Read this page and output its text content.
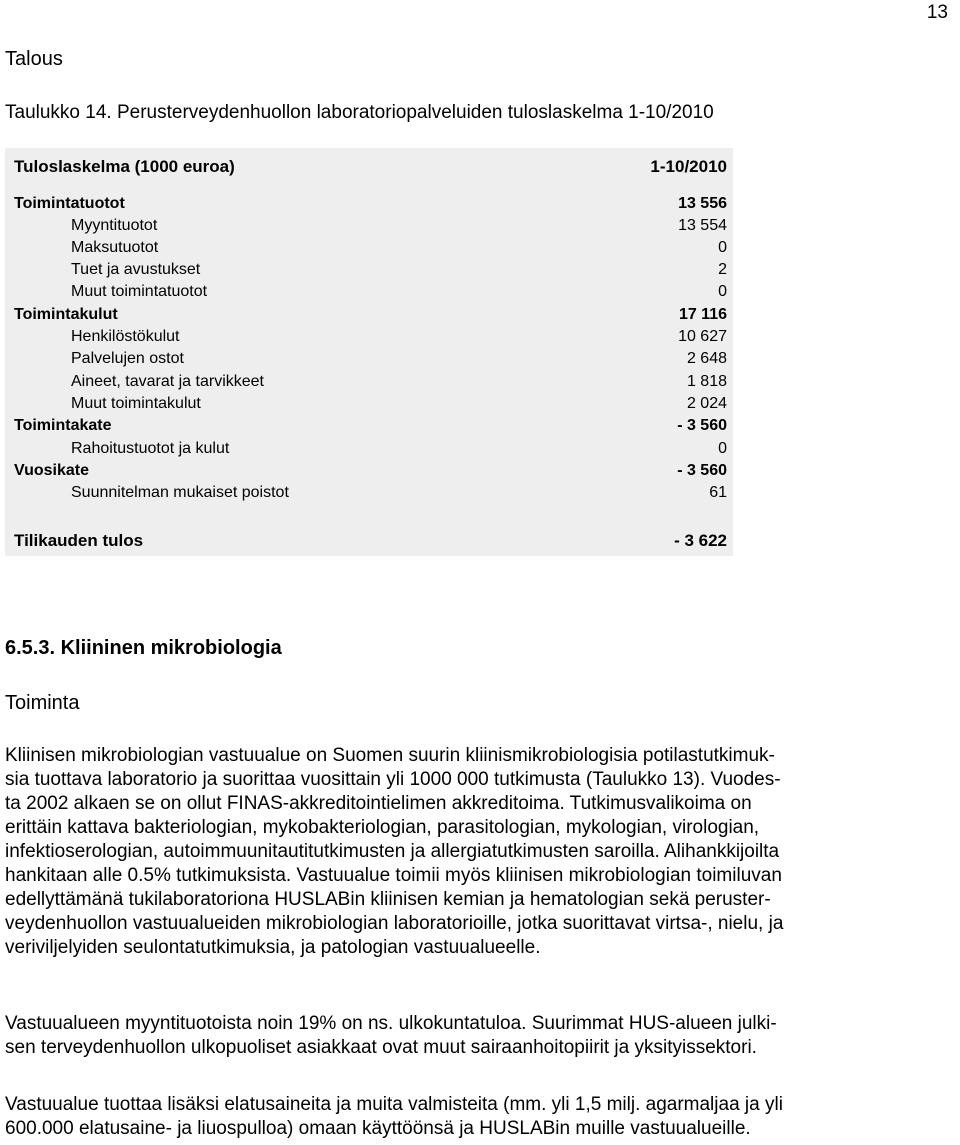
13
Talous
Taulukko 14. Perusterveydenhuollon laboratoriopalveluiden tuloslaskelma 1-10/2010
Tuloslaskelma (1000 euroa)	1-10/2010
Toimintatuotot	13 556
Myyntituotot	13 554
Maksutuotot	0
Tuet ja avustukset	2
Muut toimintatuotot	0
Toimintakulut	17 116
Henkilöstökulut	10 627
Palvelujen ostot	2 648
Aineet, tavarat ja tarvikkeet	1 818
Muut toimintakulut	2 024
Toimintakate	- 3 560
Rahoitustuotot ja kulut	0
Vuosikate	- 3 560
Suunnitelman mukaiset poistot	61
Tilikauden tulos	- 3 622
6.5.3. Kliininen mikrobiologia
Toiminta

Kliinisen mikrobiologian vastuualue on Suomen suurin kliinismikrobiologisia potilastutkimuk-
sia tuottava laboratorio ja suorittaa vuosittain yli 1000 000 tutkimusta (Taulukko 13). Vuodes-
ta 2002 alkaen se on ollut FINAS-akkreditointielimen akkreditoima. Tutkimusvalikoima on
erittäin kattava bakteriologian, mykobakteriologian, parasitologian, mykologian, virologian,
infektioserologian, autoimmuunitautitutkimusten ja allergiatutkimusten saroilla. Alihankkijoilta
hankitaan alle 0.5% tutkimuksista. Vastuualue toimii myös kliinisen mikrobiologian toimiluvan
edellyttämänä tukilaboratoriona HUSLABin kliinisen kemian ja hematologian sekä peruster-
veydenhuollon vastuualueiden mikrobiologian laboratorioille, jotka suorittavat virtsa-, nielu, ja
veriviljelyiden seulontatutkimuksia, ja patologian vastuualueelle.

Vastuualueen myyntituotoista noin 19% on ns. ulkokuntatuloa. Suurimmat HUS-alueen julki-
sen terveydenhuollon ulkopuoliset asiakkaat ovat muut sairaanhoitopiirit ja yksityissektori.

Vastuualue tuottaa lisäksi elatusaineita ja muita valmisteita (mm. yli 1,5 milj. agarmaljaa ja yli
600.000 elatusaine- ja liuospulloa) omaan käyttöönsä ja HUSLABin muille vastuualueille.
